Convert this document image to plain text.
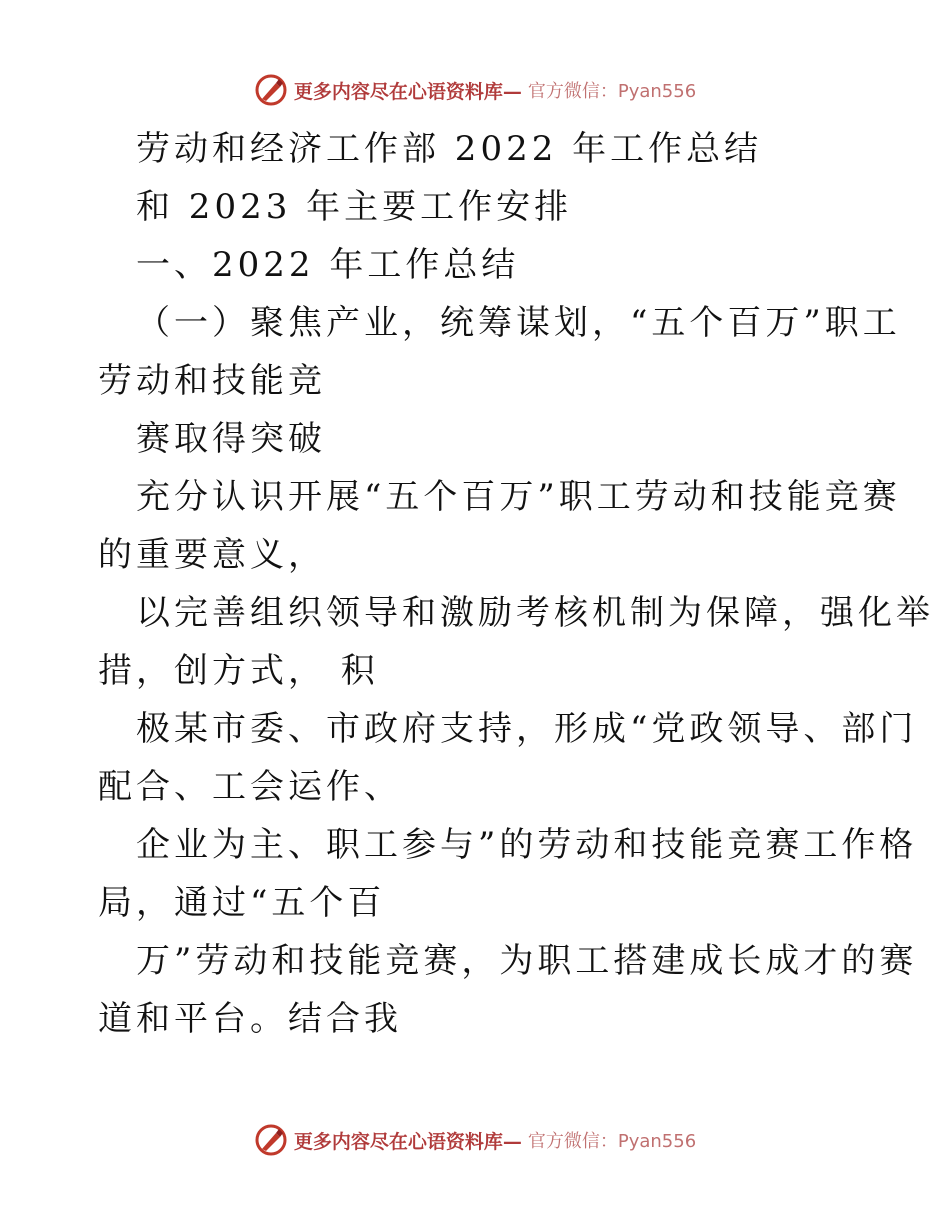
更多内容尽在心语资料库— 官方微信：Pyan556

劳动和经济工作部 2022 年工作总结

和 2023 年主要工作安排

一、2022 年工作总结

（一）聚焦产业，统筹谋划，“五个百万”职工

劳动和技能竞

赛取得突破

充分认识开展“五个百万”职工劳动和技能竞赛

的重要意义，

以完善组织领导和激励考核机制为保障，强化举

措，创方式， 积

极某市委、市政府支持，形成“党政领导、部门

配合、工会运作、

企业为主、职工参与”的劳动和技能竞赛工作格

局，通过“五个百

万”劳动和技能竞赛，为职工搭建成长成才的赛

道和平台。结合我

更多内容尽在心语资料库— 官方微信：Pyan556
